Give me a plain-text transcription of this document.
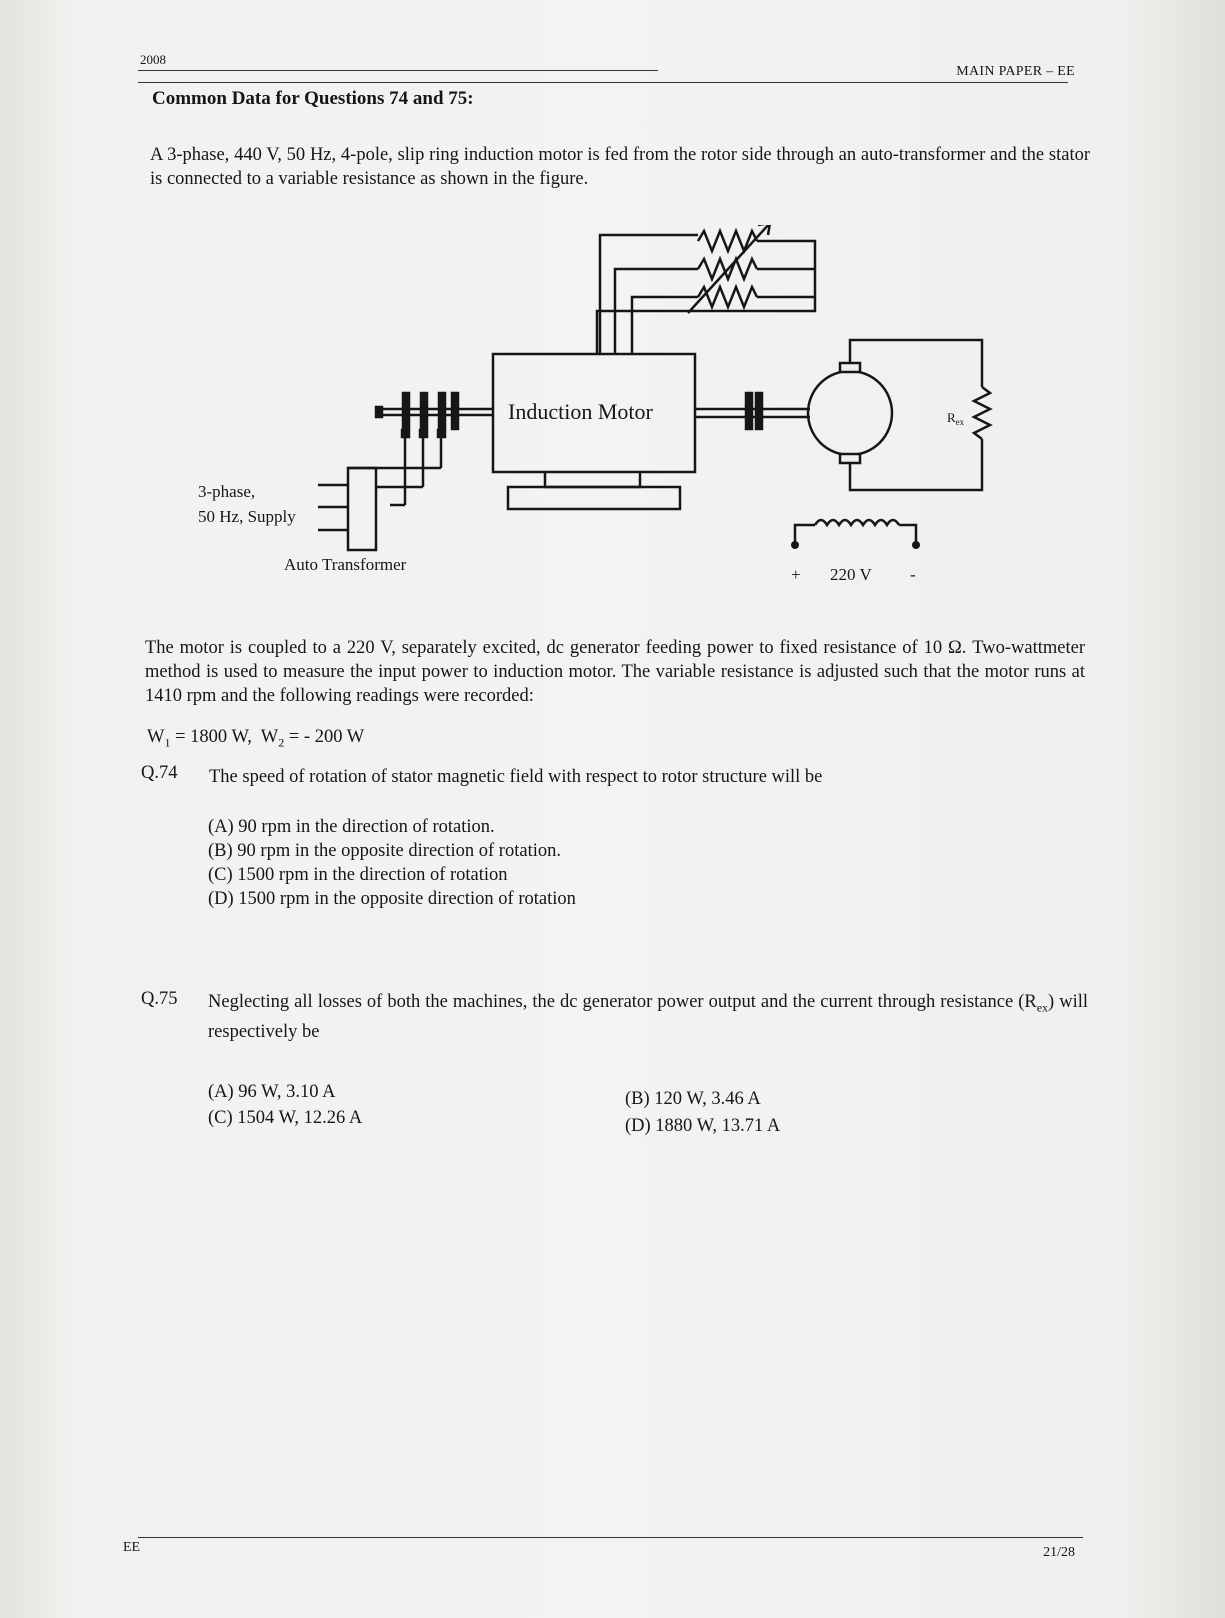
2008
MAIN PAPER – EE
Common Data for Questions 74 and 75:
A 3-phase, 440 V, 50 Hz, 4-pole, slip ring induction motor is fed from the rotor side through an auto-transformer and the stator is connected to a variable resistance as shown in the figure.
Induction Motor	$R_{ex}$
3-phase,
50 Hz, Supply
Auto Transformer
+ 220 V -
The motor is coupled to a 220 V, separately excited, dc generator feeding power to fixed resistance of 10 Ω. Two-wattmeter method is used to measure the input power to induction motor. The variable resistance is adjusted such that the motor runs at 1410 rpm and the following readings were recorded:
$W_1 = 1800$ W, $W_2$ = - 200 W
Q.74 The speed of rotation of stator magnetic field with respect to rotor structure will be
(A) 90 rpm in the direction of rotation.
(B) 90 rpm in the opposite direction of rotation.
(C) 1500 rpm in the direction of rotation
(D) 1500 rpm in the opposite direction of rotation
Q.75 Neglecting all losses of both the machines, the dc generator power output and the current through resistance $(R_{ex})$ will respectively be
(A) 96 W, 3.10 A	(B) 120 W, 3.46 A
(C) 1504 W, 12.26 A	(D) 1880 W, 13.71 A
EE	21/28
